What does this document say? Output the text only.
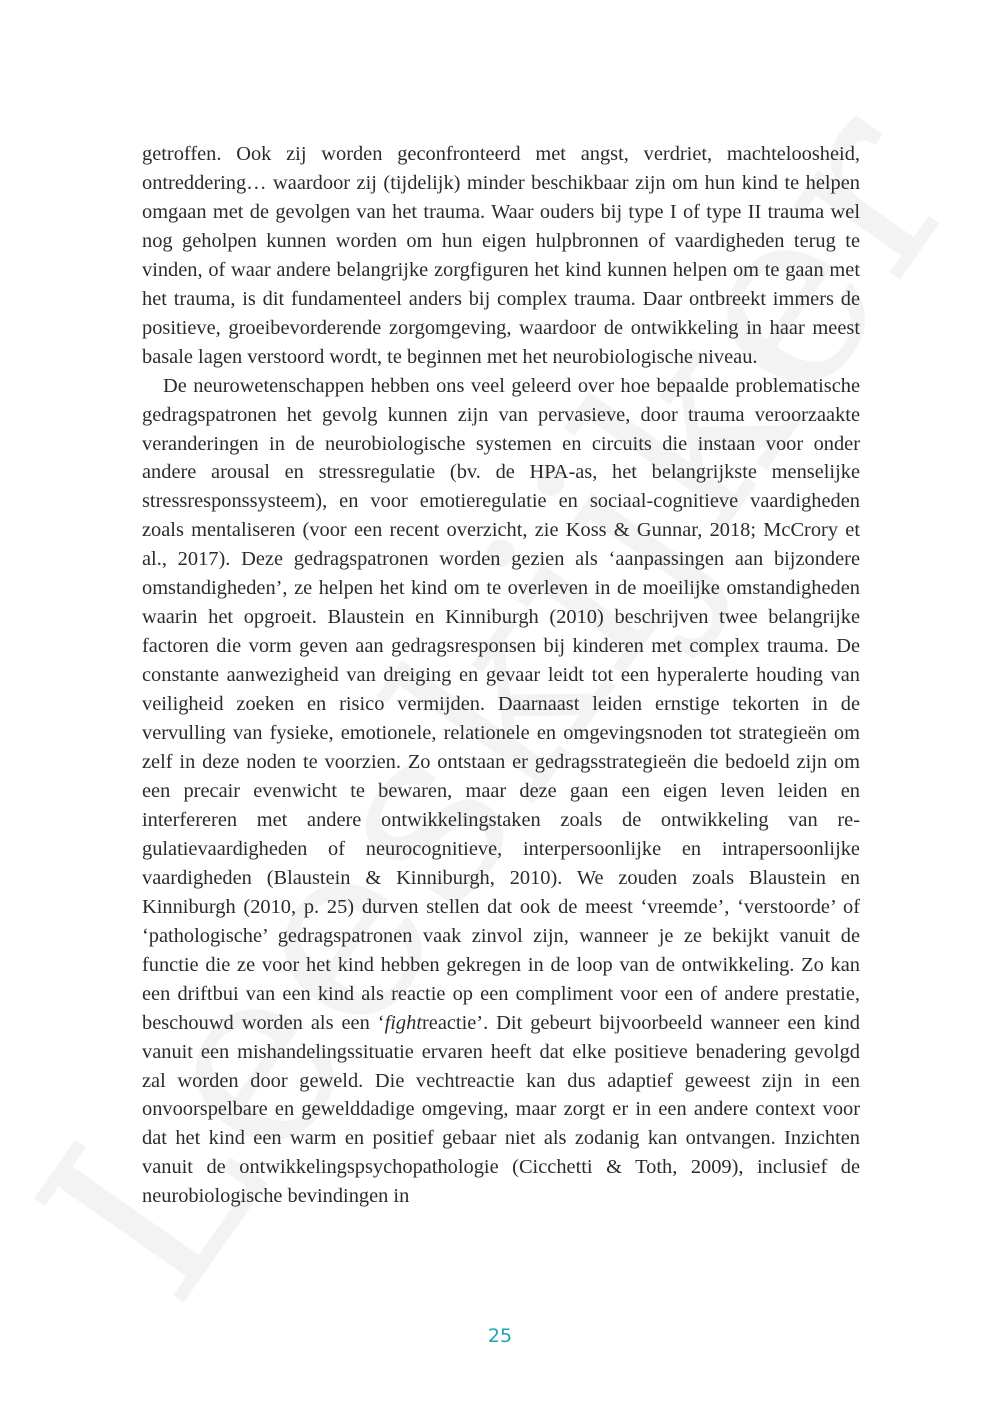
getroffen. Ook zij worden geconfronteerd met angst, verdriet, machteloosheid, ontreddering… waardoor zij (tijdelijk) minder beschikbaar zijn om hun kind te helpen omgaan met de gevolgen van het trauma. Waar ouders bij type I of type II trauma wel nog geholpen kunnen worden om hun eigen hulpbronnen of vaardigheden terug te vinden, of waar andere belangrijke zorgfiguren het kind kunnen helpen om te gaan met het trauma, is dit fundamenteel anders bij complex trauma. Daar ontbreekt immers de positieve, groeibevorderende zorgomgeving, waardoor de ontwikkeling in haar meest basale lagen verstoord wordt, te beginnen met het neurobiologische niveau.

De neurowetenschappen hebben ons veel geleerd over hoe bepaalde problematische gedragspatronen het gevolg kunnen zijn van pervasieve, door trauma veroorzaakte veranderingen in de neurobiologische systemen en circuits die instaan voor onder andere arousal en stressregulatie (bv. de HPA-as, het belangrijkste menselijke stressresponssysteem), en voor emotieregulatie en sociaal-cognitieve vaardigheden zoals mentaliseren (voor een recent overzicht, zie Koss & Gunnar, 2018; McCrory et al., 2017). Deze gedragspatronen worden gezien als ‘aanpassingen aan bijzondere omstandigheden’, ze helpen het kind om te overleven in de moeilijke omstandigheden waarin het opgroeit. Blaustein en Kinniburgh (2010) beschrijven twee belangrijke factoren die vorm geven aan gedragsresponsen bij kinderen met complex trauma. De constante aanwezigheid van dreiging en gevaar leidt tot een hyperalerte houding van veiligheid zoeken en risico vermijden. Daarnaast leiden ernstige tekorten in de vervulling van fysieke, emotionele, relationele en omgevingsnoden tot strategieën om zelf in deze noden te voorzien. Zo ontstaan er gedragsstrategieën die bedoeld zijn om een precair evenwicht te bewaren, maar deze gaan een eigen leven leiden en interfereren met andere ontwikkelingstaken zoals de ontwikkeling van regulatievaardigheden of neurocognitieve, interpersoonlijke en intrapersoonlijke vaardigheden (Blaustein & Kinniburgh, 2010). We zouden zoals Blaustein en Kinniburgh (2010, p. 25) durven stellen dat ook de meest ‘vreemde’, ‘verstoorde’ of ‘pathologische’ gedragspatronen vaak zinvol zijn, wanneer je ze bekijkt vanuit de functie die ze voor het kind hebben gekregen in de loop van de ontwikkeling. Zo kan een driftbui van een kind als reactie op een compliment voor een of andere prestatie, beschouwd worden als een ‘fightreactie’. Dit gebeurt bijvoorbeeld wanneer een kind vanuit een mishandelingssituatie ervaren heeft dat elke positieve benadering gevolgd zal worden door geweld. Die vechtreactie kan dus adaptief geweest zijn in een onvoorspelbare en gewelddadige omgeving, maar zorgt er in een andere context voor dat het kind een warm en positief gebaar niet als zodanig kan ontvangen. Inzichten vanuit de ontwikkelingspsychopathologie (Cicchetti & Toth, 2009), inclusief de neurobiologische bevindingen in

25
